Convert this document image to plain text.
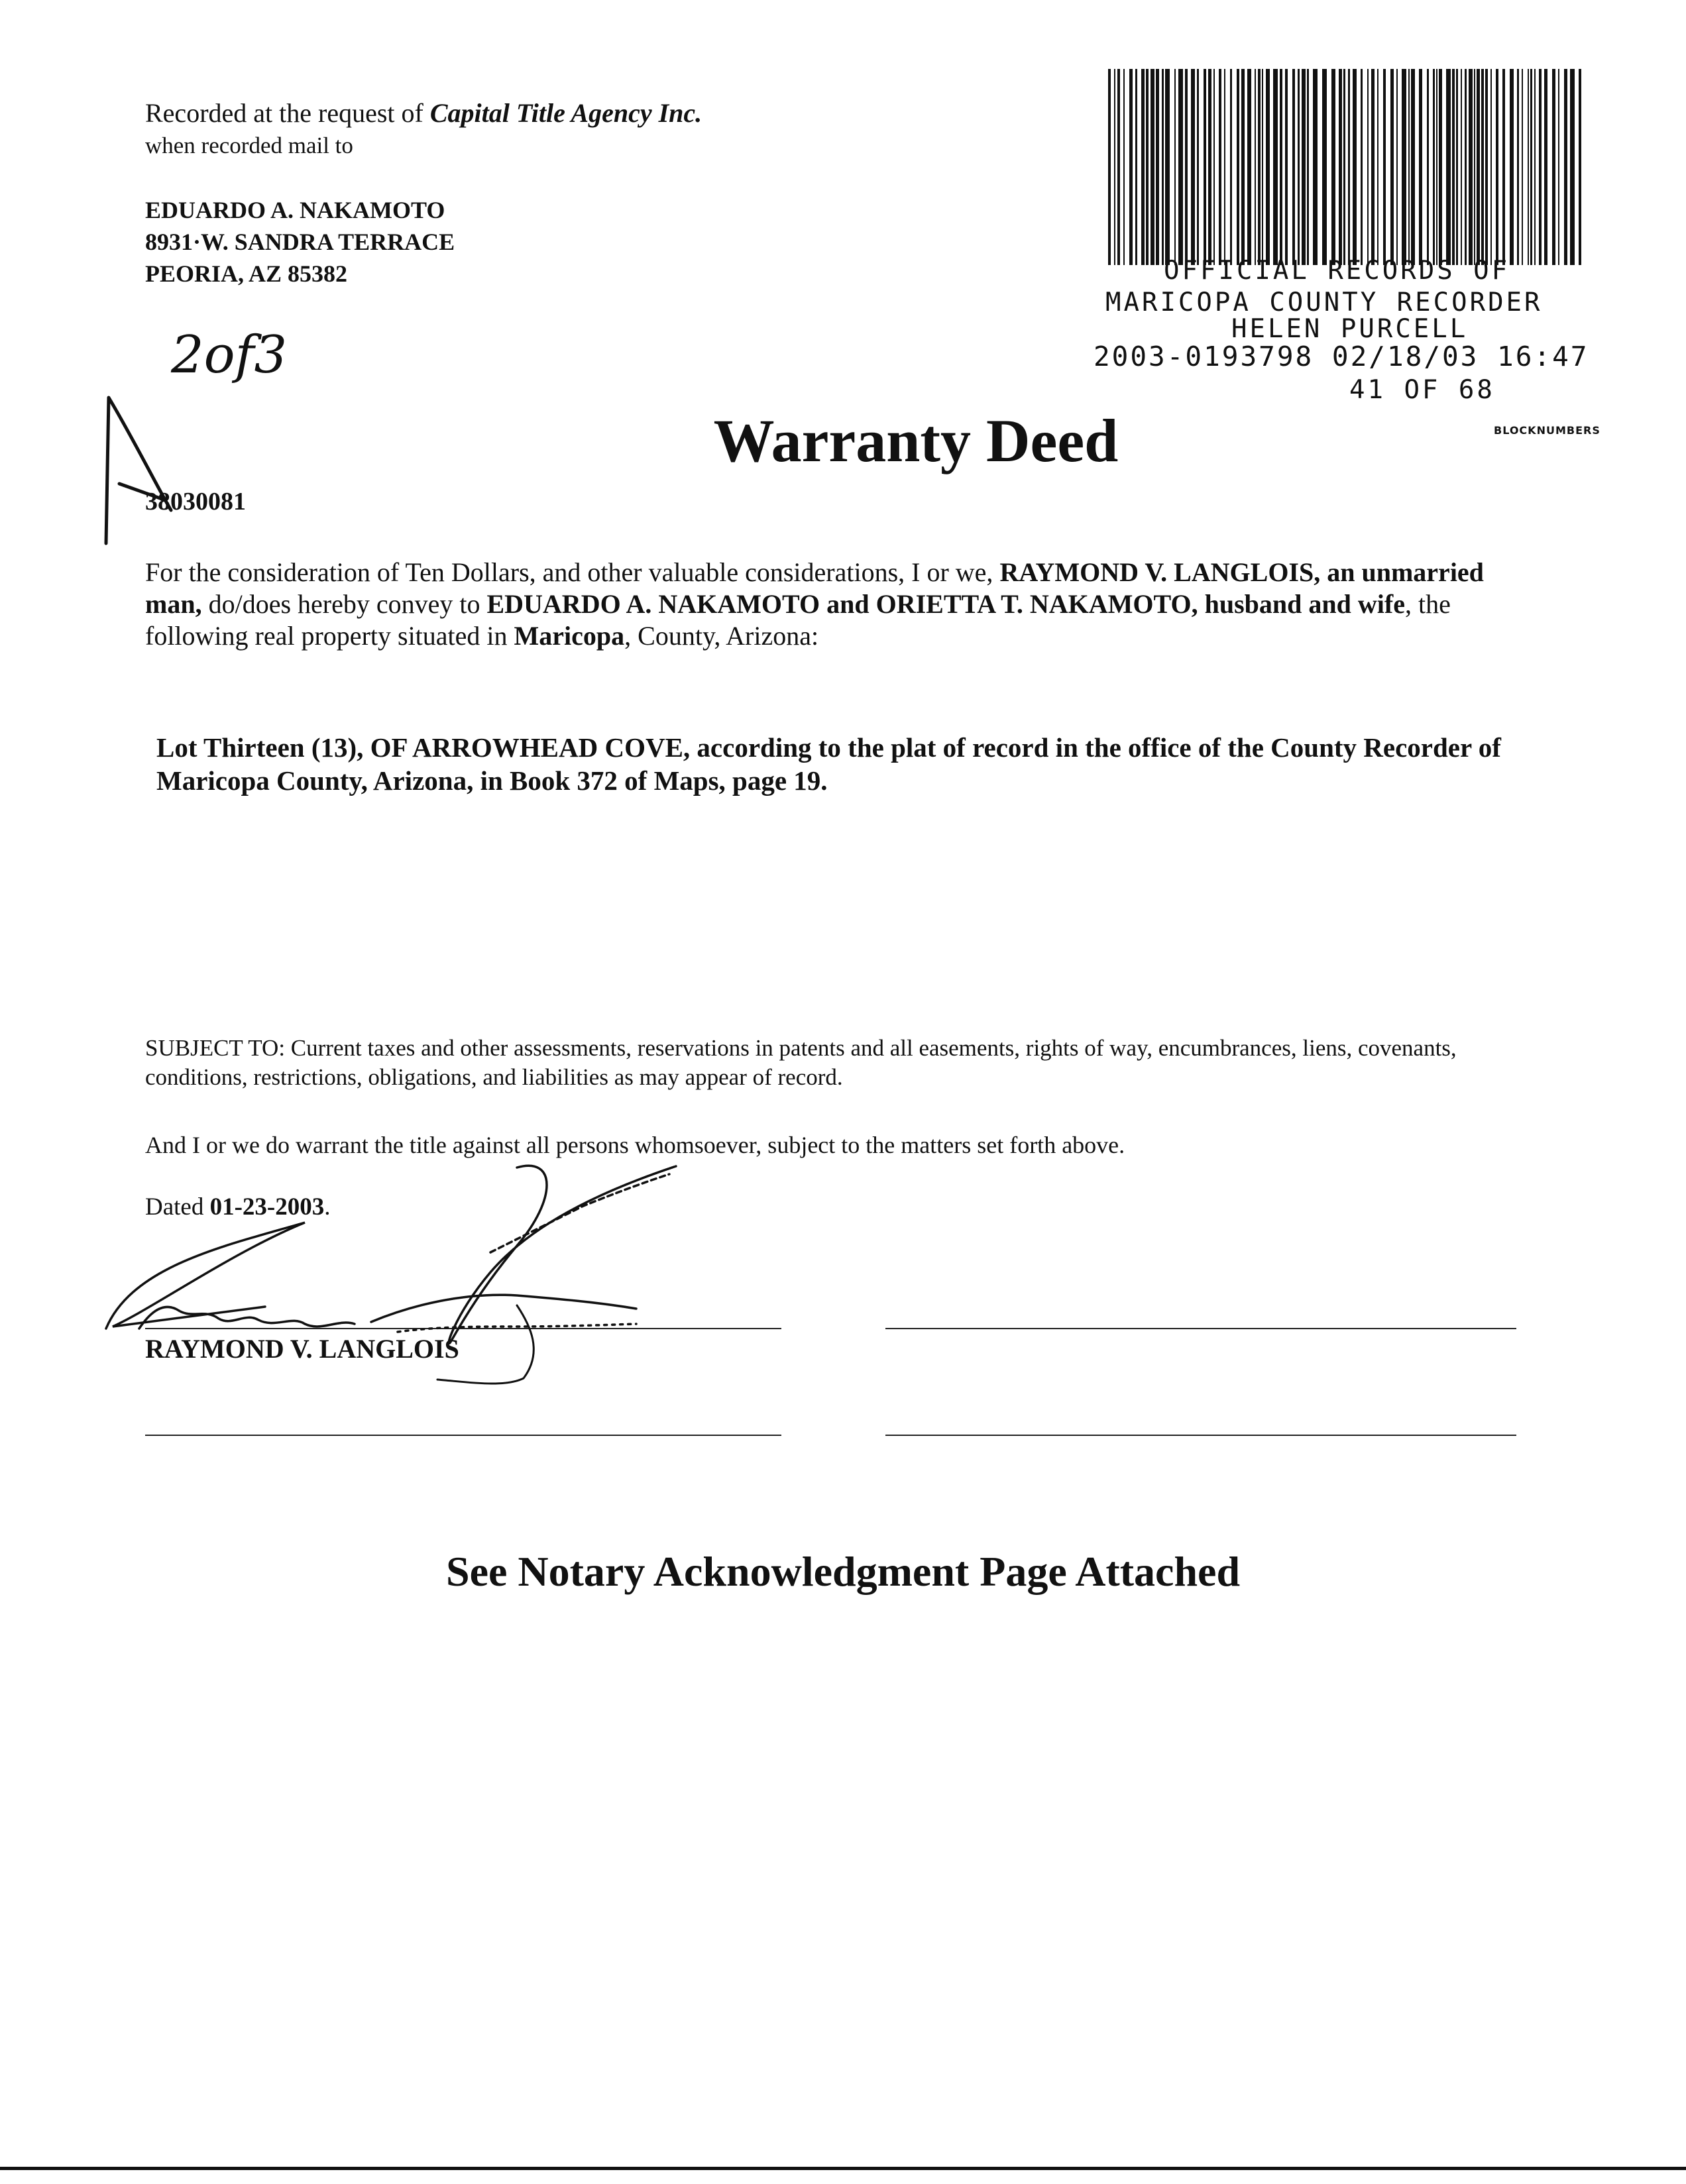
Recorded at the request of Capital Title Agency Inc.
when recorded mail to
EDUARDO A. NAKAMOTO
8931·W. SANDRA TERRACE
PEORIA, AZ 85382
2of3
OFFICIAL RECORDS OF
MARICOPA COUNTY RECORDER
HELEN PURCELL
2003-0193798 02/18/03 16:47
41 OF 68
BLOCKNUMBERS
Warranty Deed
38030081
For the consideration of Ten Dollars, and other valuable considerations, I or we, RAYMOND V. LANGLOIS, an unmarried man, do/does hereby convey to EDUARDO A. NAKAMOTO and ORIETTA T. NAKAMOTO, husband and wife, the following real property situated in Maricopa, County, Arizona:
Lot Thirteen (13), OF ARROWHEAD COVE, according to the plat of record in the office of the County Recorder of Maricopa County, Arizona, in Book 372 of Maps, page 19.
SUBJECT TO: Current taxes and other assessments, reservations in patents and all easements, rights of way, encumbrances, liens, covenants, conditions, restrictions, obligations, and liabilities as may appear of record.
And I or we do warrant the title against all persons whomsoever, subject to the matters set forth above.
Dated 01-23-2003.
RAYMOND V. LANGLOIS
See Notary Acknowledgment Page Attached
